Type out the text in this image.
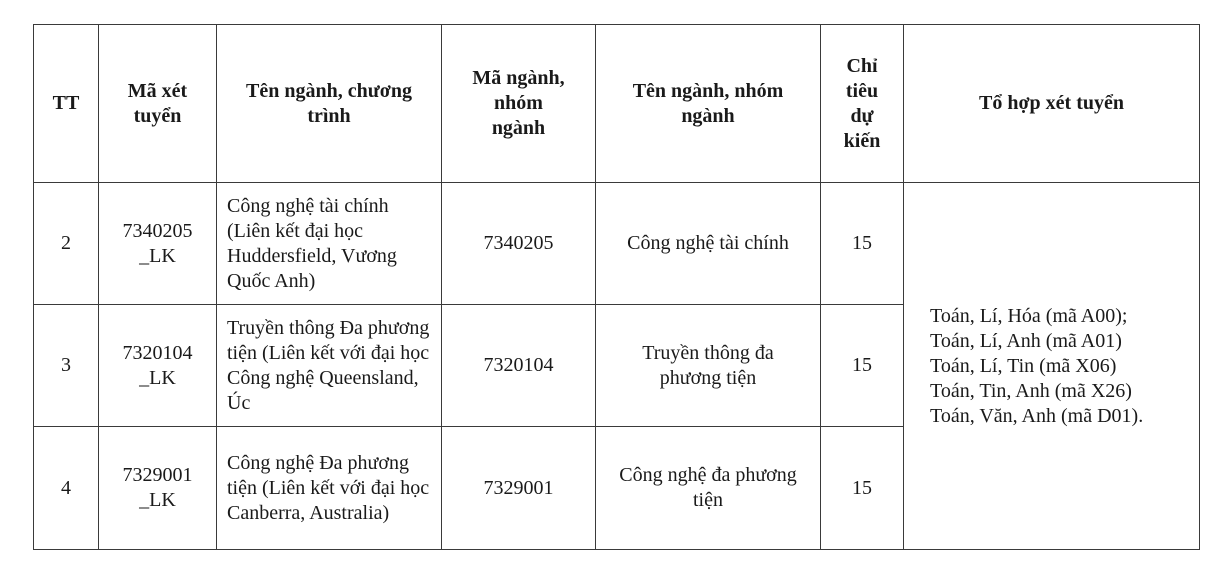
TT	Mã xét tuyển	Tên ngành, chương trình	Mã ngành, nhóm ngành	Tên ngành, nhóm ngành	Chỉ tiêu dự kiến	Tổ hợp xét tuyển
2	7340205 _LK	Công nghệ tài chính (Liên kết đại học Huddersfield, Vương Quốc Anh)	7340205	Công nghệ tài chính	15	Toán, Lí, Hóa (mã A00);
Toán, Lí, Anh (mã A01)
Toán, Lí, Tin (mã X06)
Toán, Tin, Anh (mã X26)
Toán, Văn, Anh (mã D01).

3	7320104 _LK	Truyền thông Đa phương tiện (Liên kết với đại học Công nghệ Queensland, Úc	7320104	Truyền thông đa phương tiện	15	
4	7329001 _LK	Công nghệ Đa phương tiện (Liên kết với đại học Canberra, Australia)	7329001	Công nghệ đa phương tiện	15	
